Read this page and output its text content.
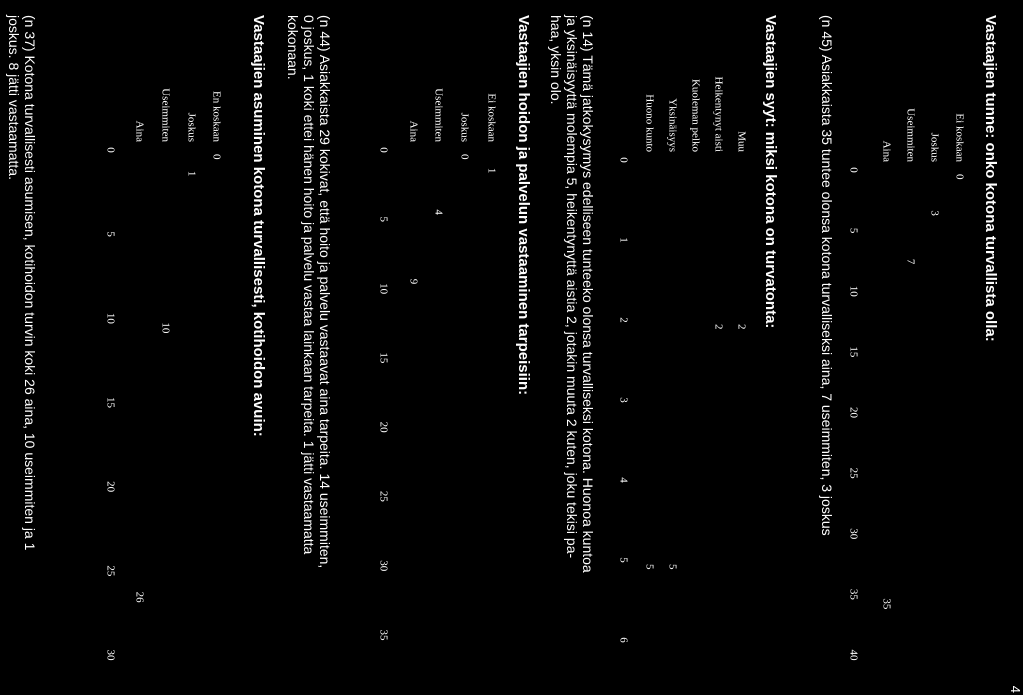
4
Vastaajien tunne: onko kotona turvallista olla:
Ei koskaan
0
Joskus
3
Useimmiten
7
Aina
35
0
5
10
15
20
25
30
35
40
(n 45) Asiakkaista 35 tuntee olonsa kotona turvalliseksi aina, 7 useimmiten, 3 joskus
Vastaajien syyt: miksi kotona on turvatonta:
Muu
2
Heikentynyt aisti
2
Kuoleman pelko
Yksinäisyys
5
Huono kunto
5
0
1
2
3
4
5
6
(n 14) Tämä jatkokysymys edelliseen tunteeko olonsa turvalliseksi kotona. Huonoa kuntoa
ja yksinäisyyttä molempia 5, heikentynyttä aistia 2, jotakin muuta 2 kuten, joku tekisi pa-
haa, yksin olo.
Vastaajien hoidon ja palvelun vastaaminen tarpeisiin:
Ei koskaan
1
Joskus
0
Useimmiten
4
Aina
9
0
5
10
15
20
25
30
35
(n 44) Asiakkaista 29 kokivat, että hoito ja palvelu vastaavat aina tarpeita. 14 useimmiten,
0 joskus, 1 koki ettei hänen hoito ja palvelu vastaa lainkaan tarpeita. 1 jätti vastaamatta
kokonaan.
Vastaajien asuminen kotona turvallisesti, kotihoidon avuin:
En koskaan
0
Joskus
1
Useimmiten
10
Aina
26
0
5
10
15
20
25
30
(n 37) Kotona turvallisesti asumisen, kotihoidon turvin koki 26 aina, 10 useimmiten ja 1
joskus. 8 jätti vastaamatta.
